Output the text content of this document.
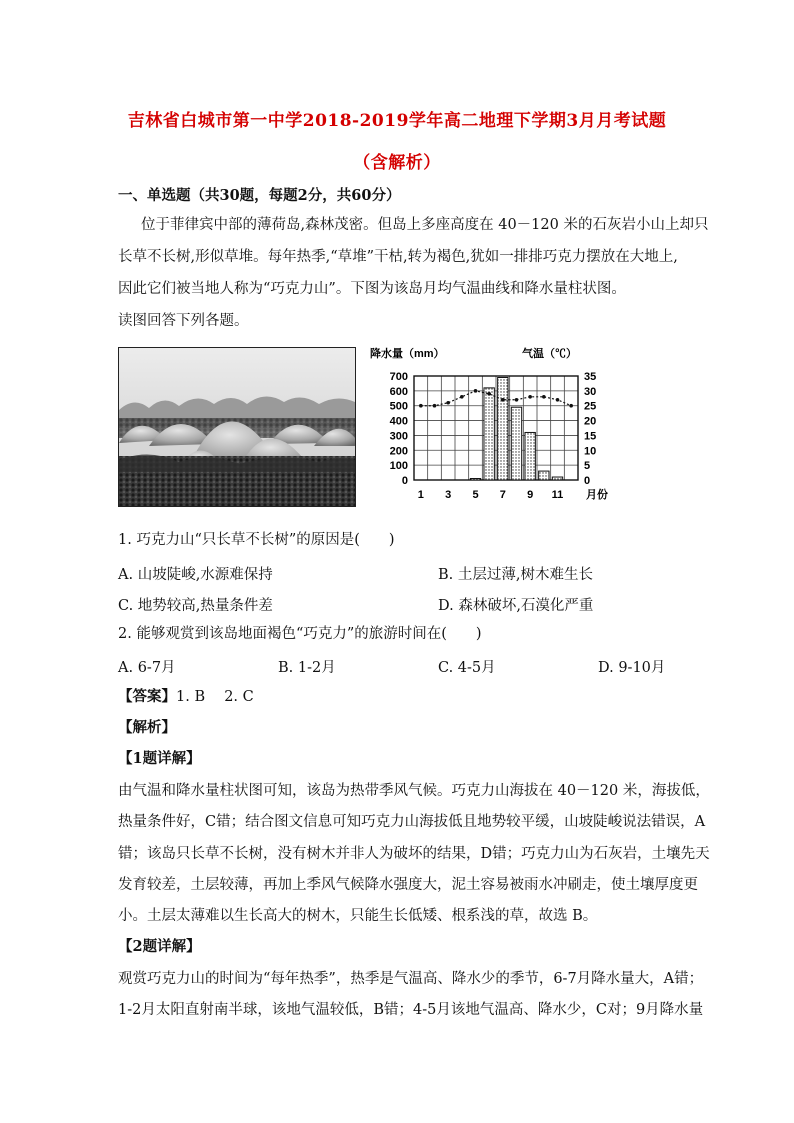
吉林省白城市第一中学2018-2019学年高二地理下学期3月月考试题
（含解析）
一、单选题（共30题，每题2分，共60分）
位于菲律宾中部的薄荷岛,森林茂密。但岛上多座高度在 40－120 米的石灰岩小山上却只
长草不长树,形似草堆。每年热季,“草堆”干枯,转为褐色,犹如一排排巧克力摆放在大地上,
因此它们被当地人称为“巧克力山”。下图为该岛月均气温曲线和降水量柱状图。
读图回答下列各题。
降水量（mm）	气温（℃）
700
600
500
400
300
200
100
0
35
30
25
20
15
10
5
0
1 3 5 7 9 11 月份
1. 巧克力山“只长草不长树”的原因是(　　)
A. 山坡陡峻,水源难保持	B. 土层过薄,树木难生长
C. 地势较高,热量条件差	D. 森林破坏,石漠化严重
2. 能够观赏到该岛地面褐色“巧克力”的旅游时间在(　　)
A. 6-7月	B. 1-2月	C. 4-5月	D. 9-10月
【答案】1. B　 2. C
【解析】
【1题详解】
由气温和降水量柱状图可知，该岛为热带季风气候。巧克力山海拔在 40－120 米，海拔低，
热量条件好，C错；结合图文信息可知巧克力山海拔低且地势较平缓，山坡陡峻说法错误，A
错；该岛只长草不长树，没有树木并非人为破坏的结果，D错；巧克力山为石灰岩，土壤先天
发育较差，土层较薄，再加上季风气候降水强度大，泥土容易被雨水冲刷走，使土壤厚度更
小。土层太薄难以生长高大的树木，只能生长低矮、根系浅的草，故选 B。
【2题详解】
观赏巧克力山的时间为“每年热季”，热季是气温高、降水少的季节，6-7月降水量大，A错；
1-2月太阳直射南半球，该地气温较低，B错；4-5月该地气温高、降水少，C对；9月降水量
